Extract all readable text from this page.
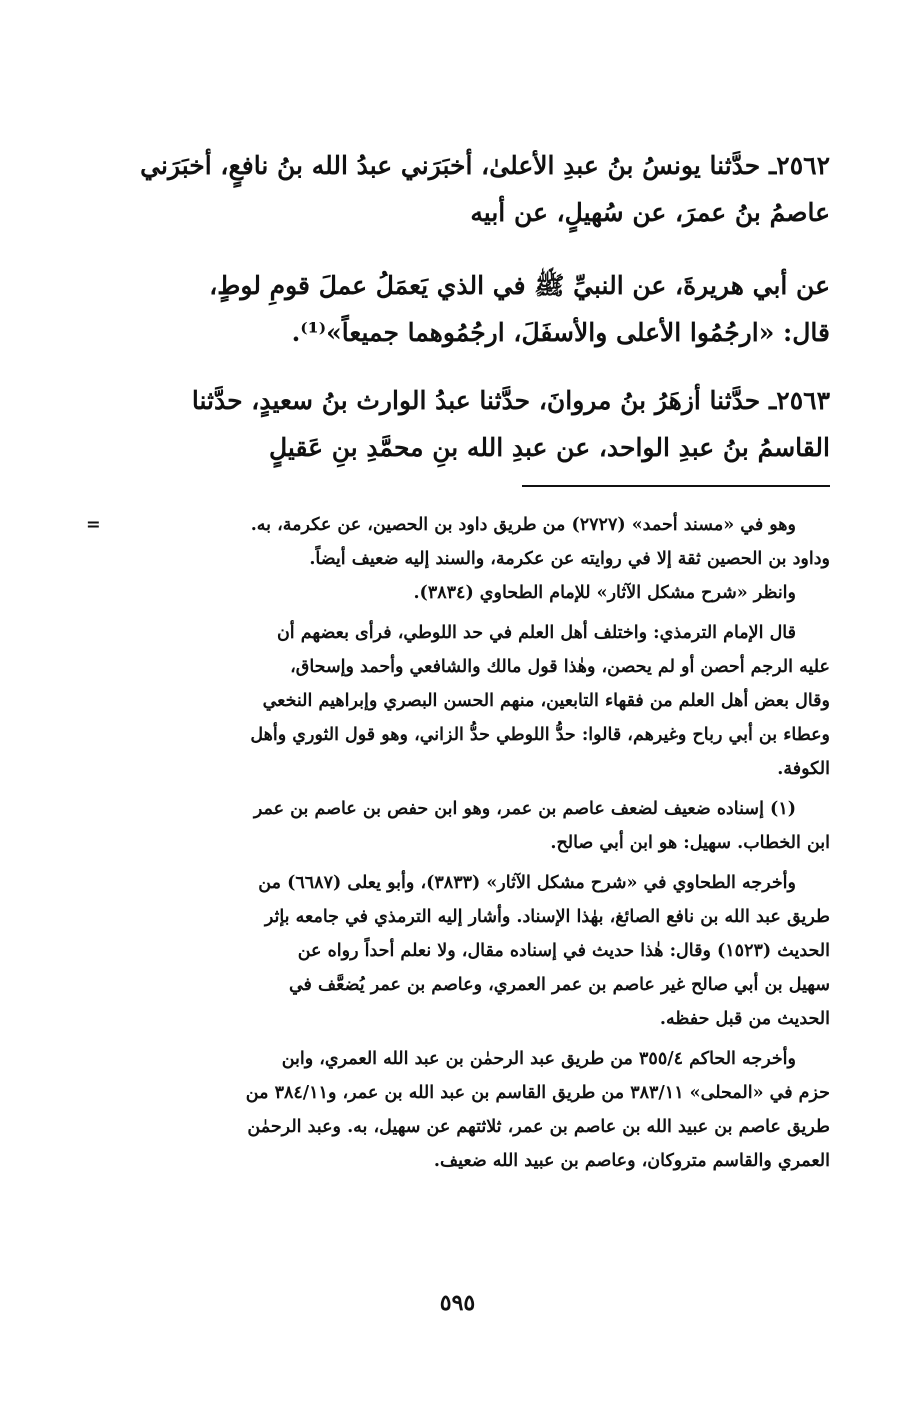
٢٥٦٢ـ حدَّثنا يونسُ بنُ عبدِ الأعلىٰ، أخبَرَني عبدُ الله بنُ نافعٍ، أخبَرَني
عاصمُ بنُ عمرَ، عن سُهيلٍ، عن أبيه
عن أبي هريرةَ، عن النبيِّ ﷺ في الذي يَعمَلُ عملَ قومِ لوطٍ،
قال: «ارجُمُوا الأعلى والأسفَلَ، ارجُمُوهما جميعاً»⁽¹⁾.
٢٥٦٣ـ حدَّثنا أزهَرُ بنُ مروانَ، حدَّثنا عبدُ الوارث بنُ سعيدٍ، حدَّثنا
القاسمُ بنُ عبدِ الواحد، عن عبدِ الله بنِ محمَّدِ بنِ عَقيلٍ
=	وهو في «مسند أحمد» (٢٧٢٧) من طريق داود بن الحصين، عن عكرمة، به.
وداود بن الحصين ثقة إلا في روايته عن عكرمة، والسند إليه ضعيف أيضاً.
وانظر «شرح مشكل الآثار» للإمام الطحاوي (٣٨٣٤).
قال الإمام الترمذي: واختلف أهل العلم في حد اللوطي، فرأى بعضهم أن
عليه الرجم أحصن أو لم يحصن، وهٰذا قول مالك والشافعي وأحمد وإسحاق،
وقال بعض أهل العلم من فقهاء التابعين، منهم الحسن البصري وإبراهيم النخعي
وعطاء بن أبي رباح وغيرهم، قالوا: حدُّ اللوطي حدُّ الزاني، وهو قول الثوري وأهل
الكوفة.
(١) إسناده ضعيف لضعف عاصم بن عمر، وهو ابن حفص بن عاصم بن عمر
ابن الخطاب. سهيل: هو ابن أبي صالح.
وأخرجه الطحاوي في «شرح مشكل الآثار» (٣٨٣٣)، وأبو يعلى (٦٦٨٧) من
طريق عبد الله بن نافع الصائغ، بهٰذا الإسناد. وأشار إليه الترمذي في جامعه بإثر
الحديث (١٥٢٣) وقال: هٰذا حديث في إسناده مقال، ولا نعلم أحداً رواه عن
سهيل بن أبي صالح غير عاصم بن عمر العمري، وعاصم بن عمر يُضعَّف في
الحديث من قبل حفظه.
وأخرجه الحاكم ٣٥٥/٤ من طريق عبد الرحمٰن بن عبد الله العمري، وابن
حزم في «المحلى» ٣٨٣/١١ من طريق القاسم بن عبد الله بن عمر، و٣٨٤/١١ من
طريق عاصم بن عبيد الله بن عاصم بن عمر، ثلاثتهم عن سهيل، به. وعبد الرحمٰن
العمري والقاسم متروكان، وعاصم بن عبيد الله ضعيف.
٥٩٥
